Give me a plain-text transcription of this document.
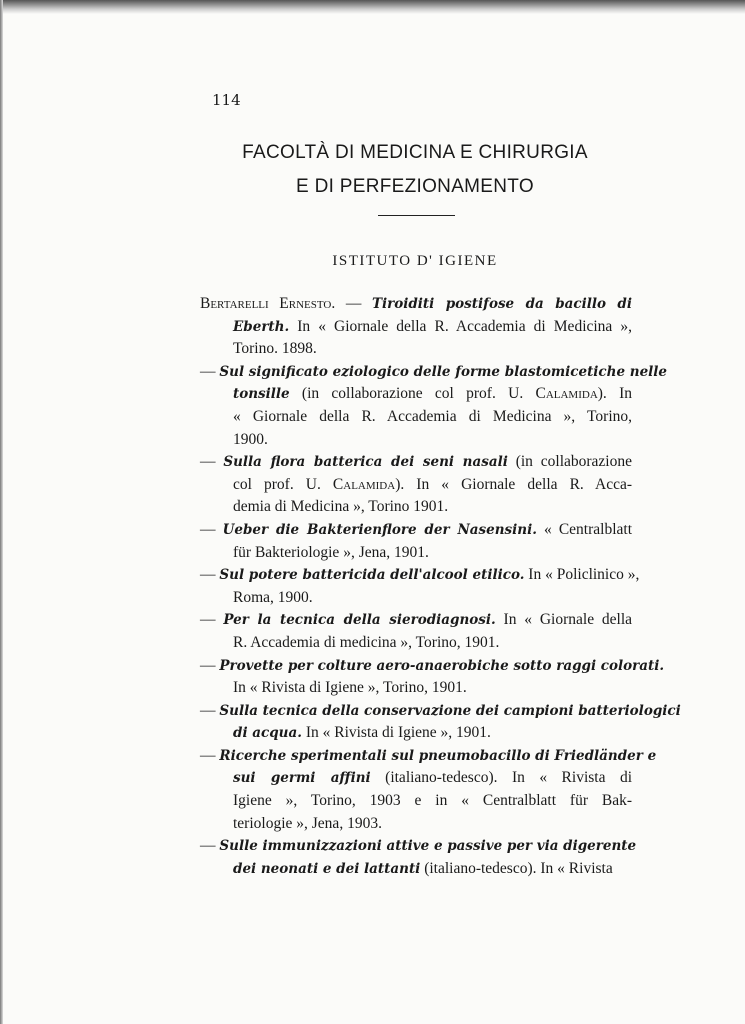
114
FACOLTÀ DI MEDICINA E CHIRURGIA
E DI PERFEZIONAMENTO
ISTITUTO D' IGIENE
Bertarelli Ernesto. — Tiroiditi postifose da bacillo di
Eberth. In « Giornale della R. Accademia di Medicina »,
Torino. 1898.
— Sul significato eziologico delle forme blastomicetiche nelle
tonsille (in collaborazione col prof. U. Calamida). In
« Giornale della R. Accademia di Medicina », Torino,
1900.
— Sulla flora batterica dei seni nasali (in collaborazione
col prof. U. Calamida). In « Giornale della R. Acca-
demia di Medicina », Torino 1901.
— Ueber die Bakterienflore der Nasensini. « Centralblatt
für Bakteriologie », Jena, 1901.
— Sul potere battericida dell'alcool etilico. In « Policlinico »,
Roma, 1900.
— Per la tecnica della sierodiagnosi. In « Giornale della
R. Accademia di medicina », Torino, 1901.
— Provette per colture aero-anaerobiche sotto raggi colorati.
In « Rivista di Igiene », Torino, 1901.
— Sulla tecnica della conservazione dei campioni batteriologici
di acqua. In « Rivista di Igiene », 1901.
— Ricerche sperimentali sul pneumobacillo di Friedländer e
sui germi affini (italiano-tedesco). In « Rivista di
Igiene », Torino, 1903 e in « Centralblatt für Bak-
teriologie », Jena, 1903.
— Sulle immunizzazioni attive e passive per via digerente
dei neonati e dei lattanti (italiano-tedesco). In « Rivista
